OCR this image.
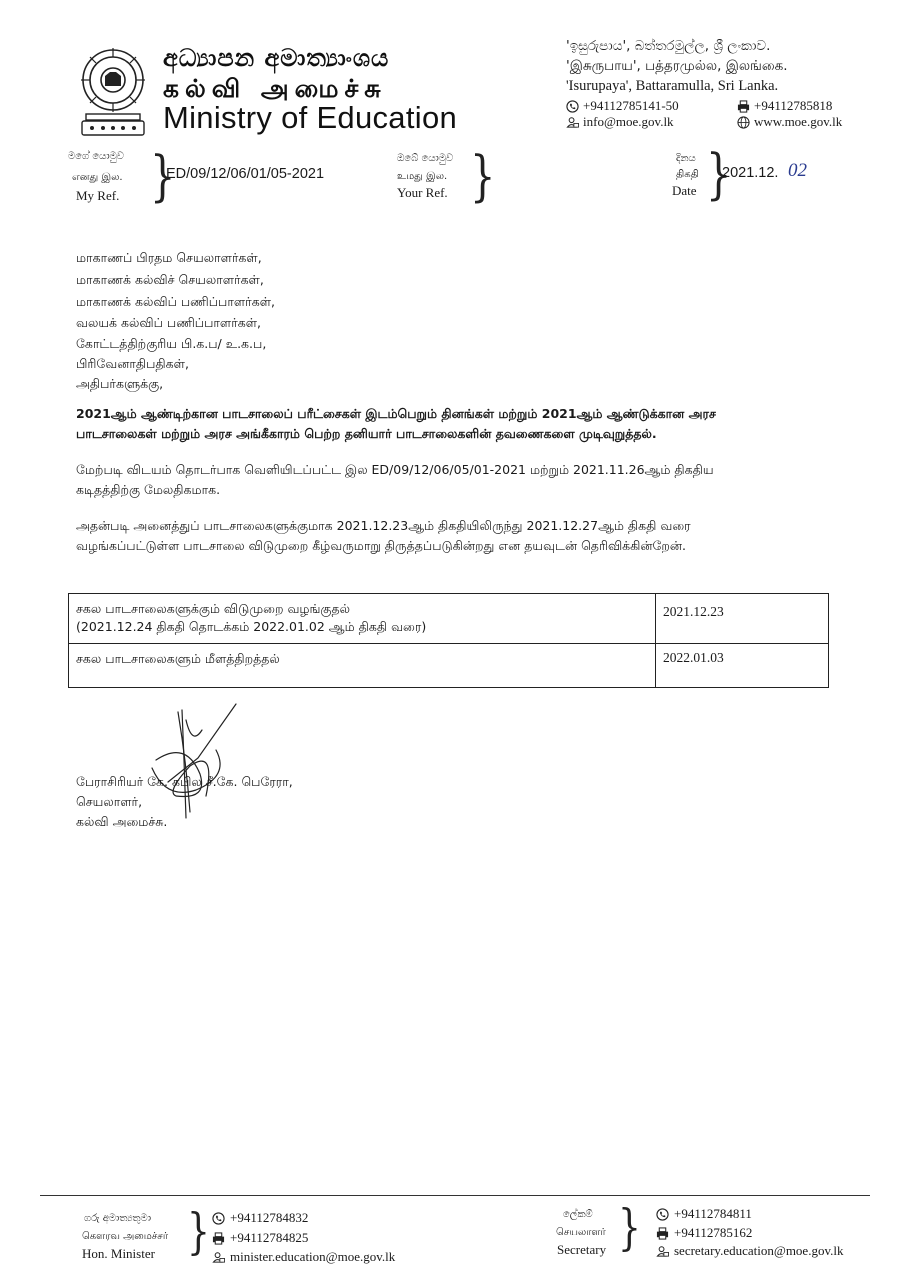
අධ්‍යාපන අමාත්‍යාංශය
கல்வி அமைச்சு
Ministry of Education
'ඉසුරුපාය', බත්තරමුල්ල, ශ්‍රී ලංකාව.
'இசுருபாய', பத்தரமுல்ல, இலங்கை.
'Isurupaya', Battaramulla, Sri Lanka.
+94112785141-50	+94112785818
info@moe.gov.lk	www.moe.gov.lk
මගේ යොමුව
எனது இல.
My Ref. }
ED/09/12/06/01/05-2021
ඔබේ යොමුව
உமது இல.
Your Ref. }	දිනය
திகதி
Date }
2021.12. 02
மாகாணப் பிரதம செயலாளர்கள்,
மாகாணக் கல்விச் செயலாளர்கள்,
மாகாணக் கல்விப் பணிப்பாளர்கள்,
வலயக் கல்விப் பணிப்பாளர்கள்,
கோட்டத்திற்குரிய பி.க.ப/ உ.க.ப,
பிரிவேனாதிபதிகள்,
அதிபர்களுக்கு,
2021ஆம் ஆண்டிற்கான பாடசாலைப் பரீட்சைகள் இடம்பெறும் தினங்கள் மற்றும் 2021ஆம் ஆண்டுக்கான அரச
பாடசாலைகள் மற்றும் அரச அங்கீகாரம் பெற்ற தனியார் பாடசாலைகளின் தவணைகளை முடிவுறுத்தல்.
மேற்படி விடயம் தொடர்பாக வெளியிடப்பட்ட இல ED/09/12/06/05/01-2021 மற்றும் 2021.11.26ஆம் திகதிய
கடிதத்திற்கு மேலதிகமாக.
அதன்படி அனைத்துப் பாடசாலைகளுக்குமாக 2021.12.23ஆம் திகதியிலிருந்து 2021.12.27ஆம் திகதி வரை
வழங்கப்பட்டுள்ள பாடசாலை விடுமுறை கீழ்வருமாறு திருத்தப்படுகின்றது என தயவுடன் தெரிவிக்கின்றேன்.
சகல பாடசாலைகளுக்கும் விடுமுறை வழங்குதல்
(2021.12.24 திகதி தொடக்கம் 2022.01.02 ஆம் திகதி வரை)	2021.12.23

சகல பாடசாலைகளும் மீளத்திறத்தல்	2022.01.03
பேராசிரியர் கே. கபில சீ.கே. பெரேரா,
செயலாளர்,
கல்வி அமைச்சு.
ගරු අමාත්‍යතුමා
கௌரவ அமைச்சர்
Hon. Minister } +94112784832
+94112784825
minister.education@moe.gov.lk
ලේකම්
செயலாளர்
Secretary }	+94112784811
+94112785162
secretary.education@moe.gov.lk
